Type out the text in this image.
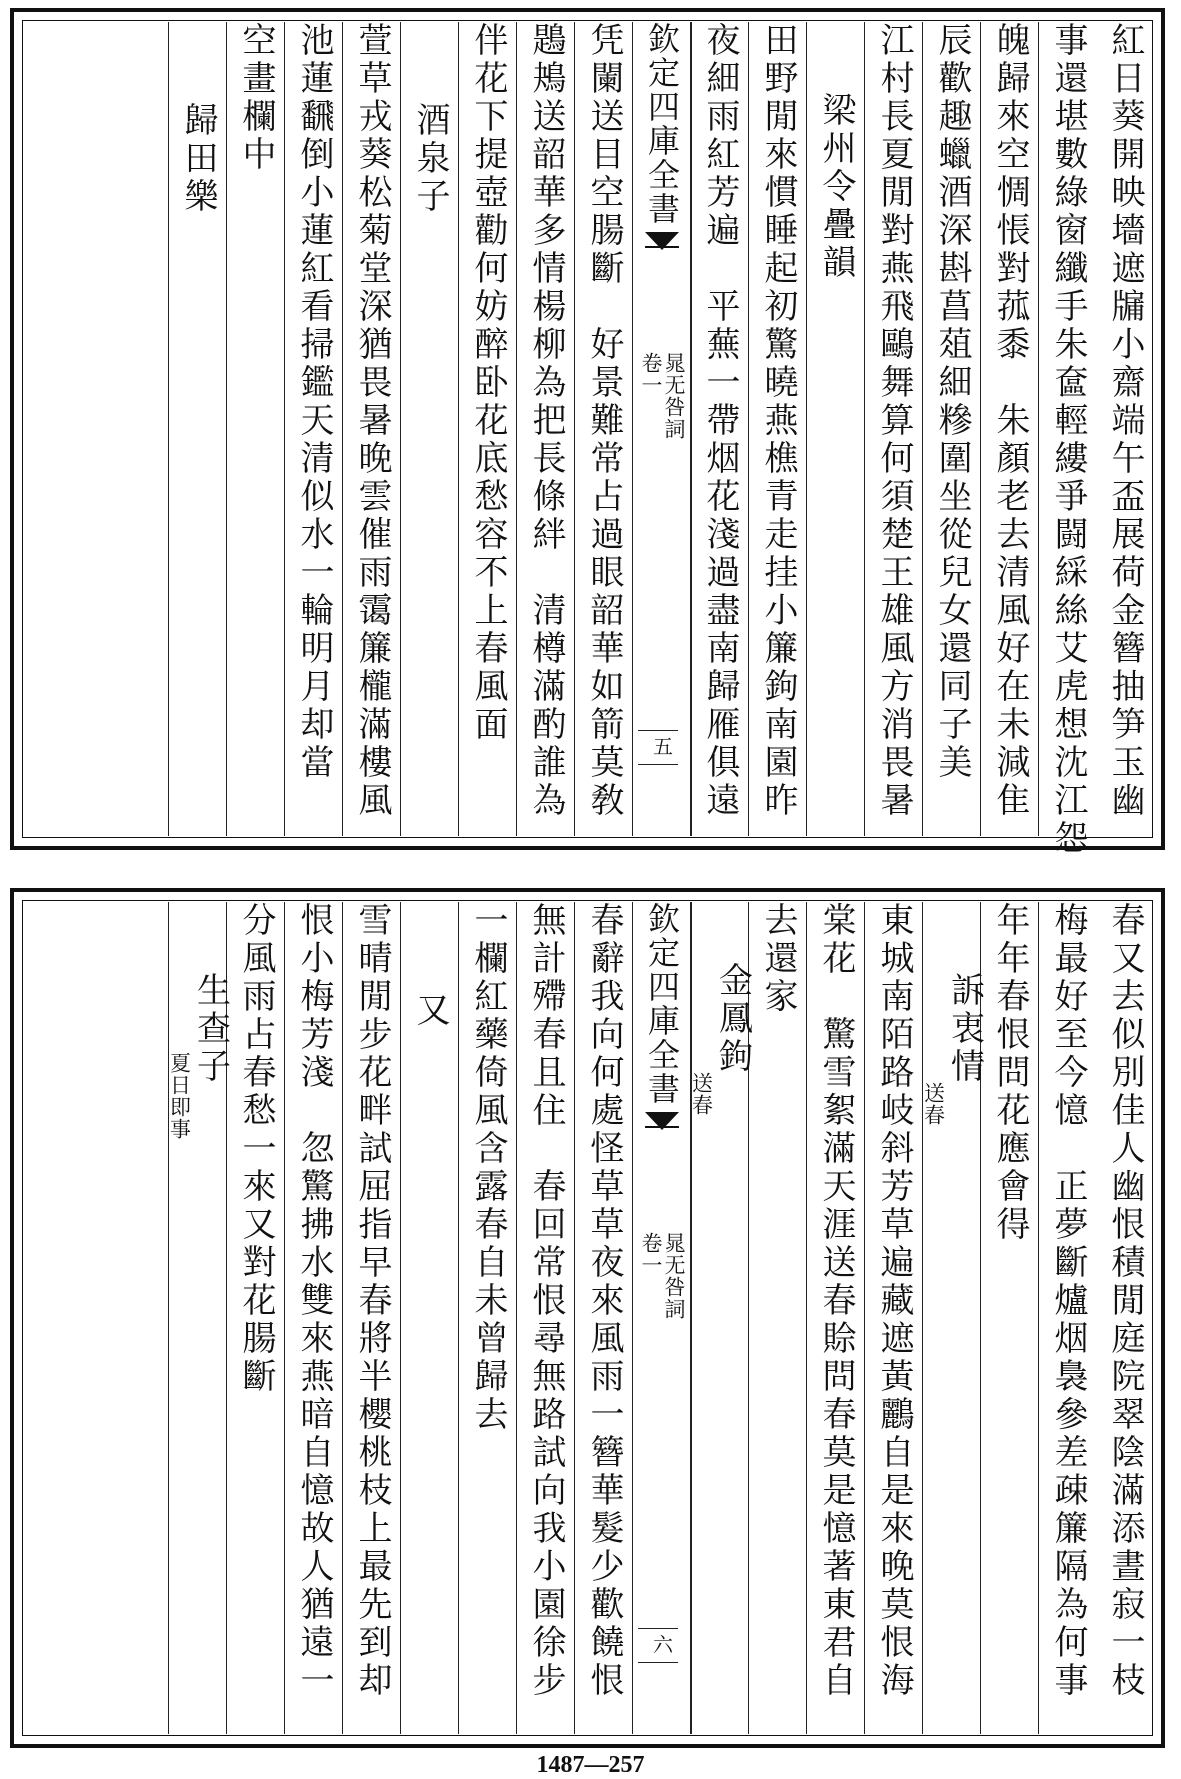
紅日葵開映墻遮牖小齋端午盃展荷金簪抽笋玉幽
事還堪數綠窗纖手朱奩輕縷爭闘綵絲艾虎想沈江怨
魄歸來空惆悵對菰黍　朱顏老去清風好在未減隹
辰歡趣蠟酒深斟菖葅細糝圍坐從兒女還同子美
江村長夏閒對燕飛鷗舞算何須楚王雄風方消畏暑
梁州令疊韻
田野閒來慣睡起初驚曉燕樵青走挂小簾鉤南園昨
夜細雨紅芳遍　平蕪一帶烟花淺過盡南歸雁俱遠
欽定四庫全書
晁无咎詞
卷一
五
凭闌送目空腸斷　好景難常占過眼韶華如箭莫敎
鶗鴂送韶華多情楊柳為把長條絆　清樽滿酌誰為
伴花下提壺勸何妨醉卧花底愁容不上春風面
酒泉子
萱草戎葵松菊堂深猶畏暑晚雲催雨霭簾櫳滿樓風
池蓮飜倒小蓮紅看掃鑑天清似水一輪明月却當
空畫欄中
歸田樂
春又去似別佳人幽恨積閒庭院翠陰滿添晝寂一枝
梅最好至今憶　正夢斷爐烟裊參差疎簾隔為何事
年年春恨問花應會得
訴衷情
送春
東城南陌路岐斜芳草遍藏遮黃鸝自是來晚莫恨海
棠花　驚雪絮滿天涯送春賒問春莫是憶著東君自
去還家
金鳳鉤
送春
欽定四庫全書
晁无咎詞
卷一
六
春辭我向何處怪草草夜來風雨一簪華髮少歡饒恨
無計殢春且住　春回常恨尋無路試向我小園徐步
一欄紅藥倚風含露春自未曾歸去
又
雪晴閒步花畔試屈指早春將半櫻桃枝上最先到却
恨小梅芳淺　忽驚拂水雙來燕暗自憶故人猶遠一
分風雨占春愁一來又對花腸斷
生查子
夏日即事
1487—257
